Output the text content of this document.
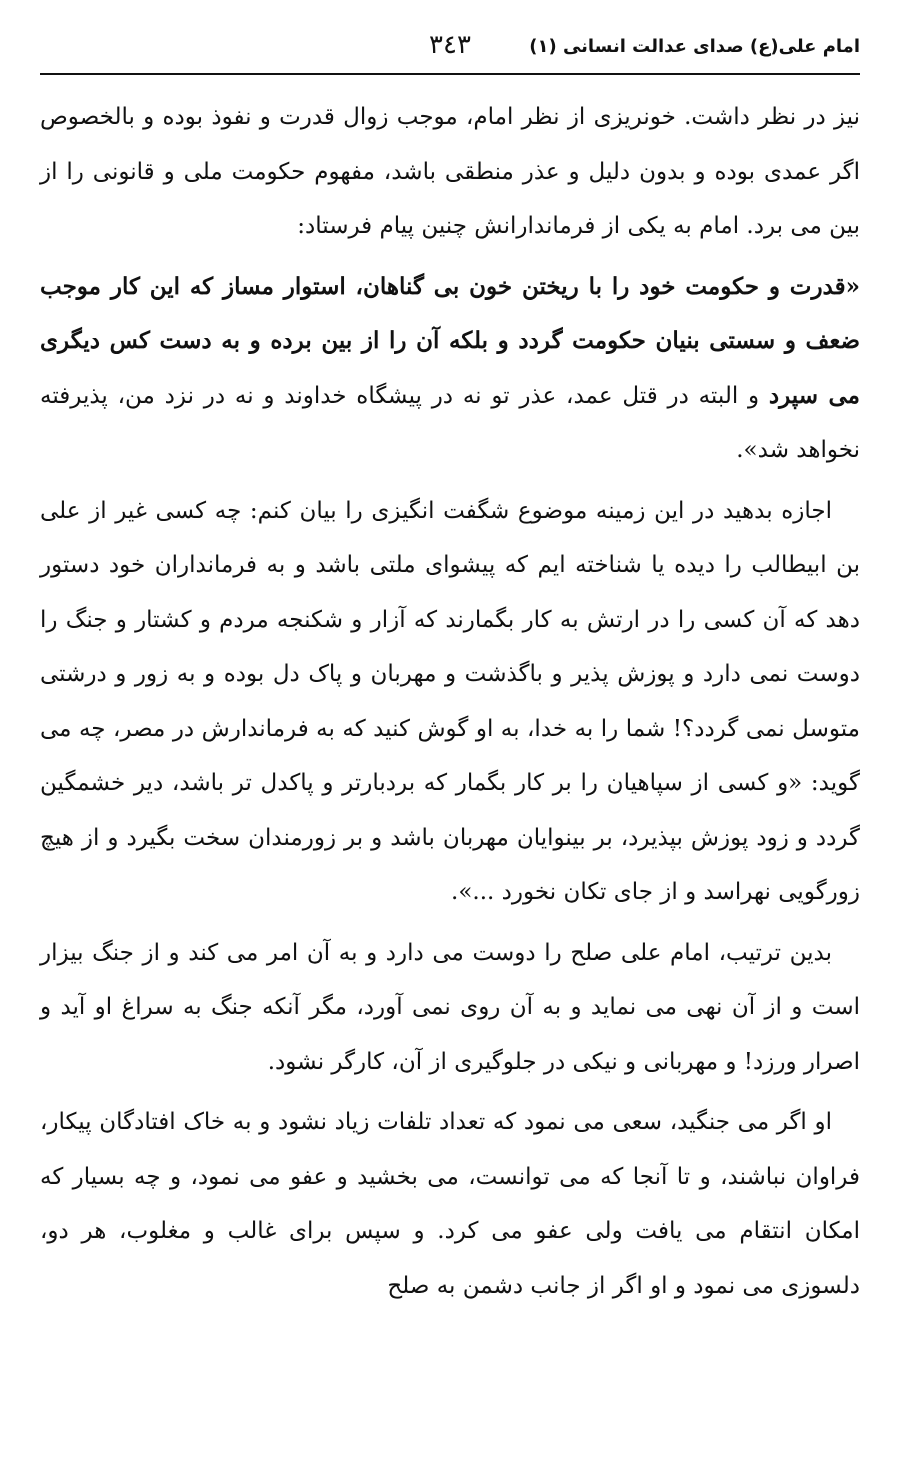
امام علی(ع) صدای عدالت انسانی (۱)
۳٤۳

نیز در نظر داشت. خونریزی از نظر امام، موجب زوال قدرت و نفوذ بوده و بالخصوص اگر عمدی بوده و بدون دلیل و عذر منطقی باشد، مفهوم حکومت ملی و قانونی را از بین می برد. امام به یکی از فرماندارانش چنین پیام فرستاد:

«قدرت و حکومت خود را با ریختن خون بی گناهان، استوار مساز که این کار موجب ضعف و سستی بنیان حکومت گردد و بلکه آن را از بین برده و به دست کس دیگری می سپرد و البته در قتل عمد، عذر تو نه در پیشگاه خداوند و نه در نزد من، پذیرفته نخواهد شد».

اجازه بدهید در این زمینه موضوع شگفت انگیزی را بیان کنم: چه کسی غیر از علی بن ابیطالب را دیده یا شناخته ایم که پیشوای ملتی باشد و به فرمانداران خود دستور دهد که آن کسی را در ارتش به کار بگمارند که آزار و شکنجه مردم و کشتار و جنگ را دوست نمی دارد و پوزش پذیر و باگذشت و مهربان و پاک دل بوده و به زور و درشتی متوسل نمی گردد؟! شما را به خدا، به او گوش کنید که به فرماندارش در مصر، چه می گوید: «و کسی از سپاهیان را بر کار بگمار که بردبارتر و پاکدل تر باشد، دیر خشمگین گردد و زود پوزش بپذیرد، بر بینوایان مهربان باشد و بر زورمندان سخت بگیرد و از هیچ زورگویی نهراسد و از جای تکان نخورد ...».

بدین ترتیب، امام علی صلح را دوست می دارد و به آن امر می کند و از جنگ بیزار است و از آن نهی می نماید و به آن روی نمی آورد، مگر آنکه جنگ به سراغ او آید و اصرار ورزد! و مهربانی و نیکی در جلوگیری از آن، کارگر نشود.

او اگر می جنگید، سعی می نمود که تعداد تلفات زیاد نشود و به خاک افتادگان پیکار، فراوان نباشند، و تا آنجا که می توانست، می بخشید و عفو می نمود، و چه بسیار که امکان انتقام می یافت ولی عفو می کرد. و سپس برای غالب و مغلوب، هر دو، دلسوزی می نمود و او اگر از جانب دشمن به صلح
